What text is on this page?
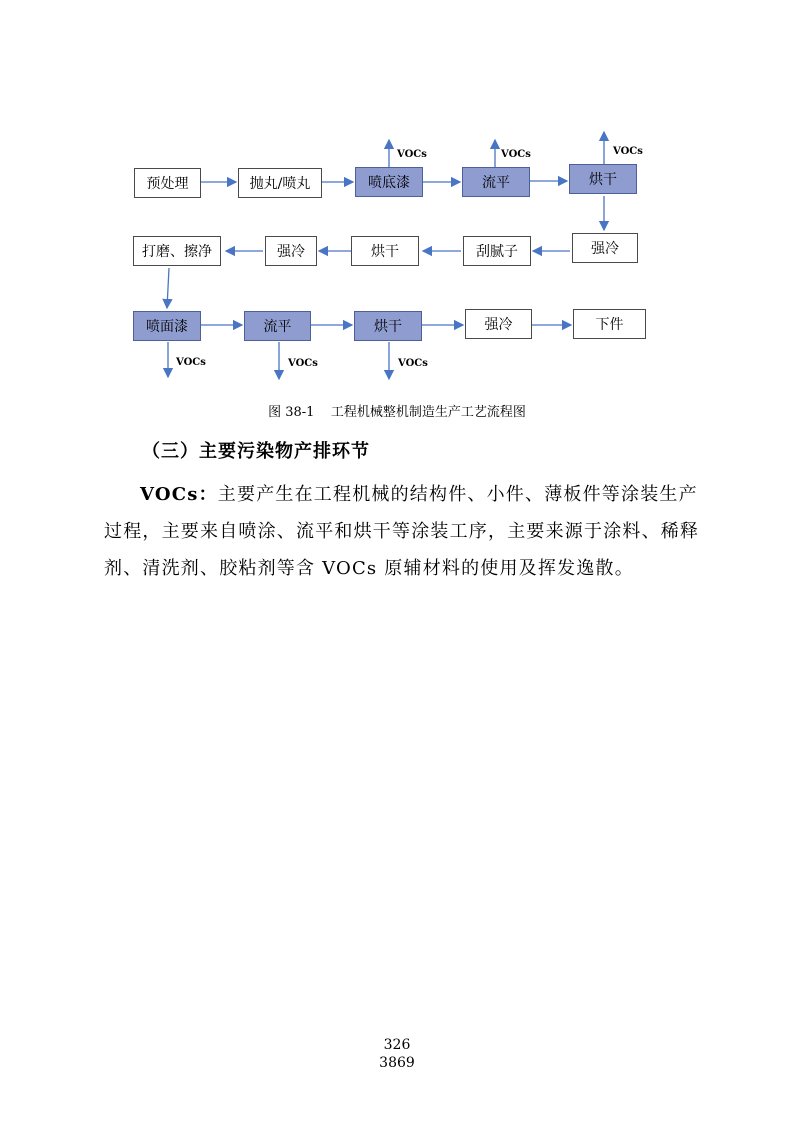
预处理	抛丸/喷丸	喷底漆	流平	烘干
打磨、擦净	强冷	烘干	刮腻子	强冷
喷面漆	流平	烘干	强冷	下件
VOCs	VOCs	VOCs
VOCs	VOCs	VOCs
图 38-1    工程机械整机制造生产工艺流程图
（三）主要污染物产排环节
VOCs：主要产生在工程机械的结构件、小件、薄板件等涂装生产过程，主要来自喷涂、流平和烘干等涂装工序，主要来源于涂料、稀释剂、清洗剂、胶粘剂等含 VOCs 原辅材料的使用及挥发逸散。
326
3869
